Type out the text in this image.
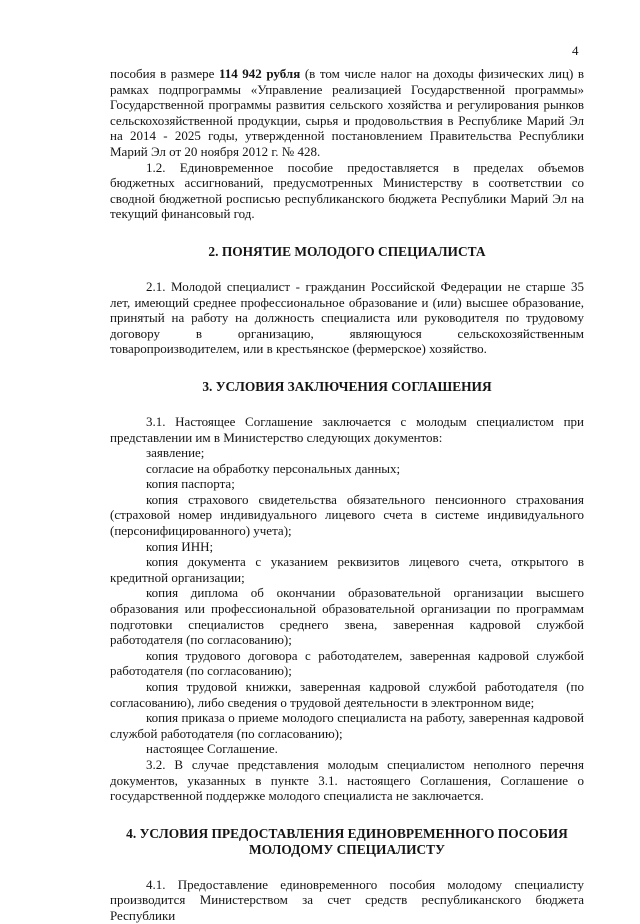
4

пособия в размере 114 942 рубля (в том числе налог на доходы физических лиц) в рамках подпрограммы «Управление реализацией Государственной программы» Государственной программы развития сельского хозяйства и регулирования рынков сельскохозяйственной продукции, сырья и продовольствия в Республике Марий Эл на 2014 - 2025 годы, утвержденной постановлением Правительства Республики Марий Эл от 20 ноября 2012 г. № 428.

1.2. Единовременное пособие предоставляется в пределах объемов бюджетных ассигнований, предусмотренных Министерству в соответствии со сводной бюджетной росписью республиканского бюджета Республики Марий Эл на текущий финансовый год.

2. ПОНЯТИЕ МОЛОДОГО СПЕЦИАЛИСТА

2.1. Молодой специалист - гражданин Российской Федерации не старше 35 лет, имеющий среднее профессиональное образование и (или) высшее образование, принятый на работу на должность специалиста или руководителя по трудовому договору в организацию, являющуюся сельскохозяйственным товаропроизводителем, или в крестьянское (фермерское) хозяйство.

3. УСЛОВИЯ ЗАКЛЮЧЕНИЯ СОГЛАШЕНИЯ

3.1. Настоящее Соглашение заключается с молодым специалистом при представлении им в Министерство следующих документов:

заявление;

согласие на обработку персональных данных;

копия паспорта;

копия страхового свидетельства обязательного пенсионного страхования (страховой номер индивидуального лицевого счета в системе индивидуального (персонифицированного) учета);

копия ИНН;

копия документа с указанием реквизитов лицевого счета, открытого в кредитной организации;

копия диплома об окончании образовательной организации высшего образования или профессиональной образовательной организации по программам подготовки специалистов среднего звена, заверенная кадровой службой работодателя (по согласованию);

копия трудового договора с работодателем, заверенная кадровой службой работодателя (по согласованию);

копия трудовой книжки, заверенная кадровой службой работодателя (по согласованию), либо сведения о трудовой деятельности в электронном виде;

копия приказа о приеме молодого специалиста на работу, заверенная кадровой службой работодателя (по согласованию);

настоящее Соглашение.

3.2. В случае представления молодым специалистом неполного перечня документов, указанных в пункте 3.1. настоящего Соглашения, Соглашение о государственной поддержке молодого специалиста не заключается.

4. УСЛОВИЯ ПРЕДОСТАВЛЕНИЯ ЕДИНОВРЕМЕННОГО ПОСОБИЯ
МОЛОДОМУ СПЕЦИАЛИСТУ

4.1. Предоставление единовременного пособия молодому специалисту производится Министерством за счет средств республиканского бюджета Республики
